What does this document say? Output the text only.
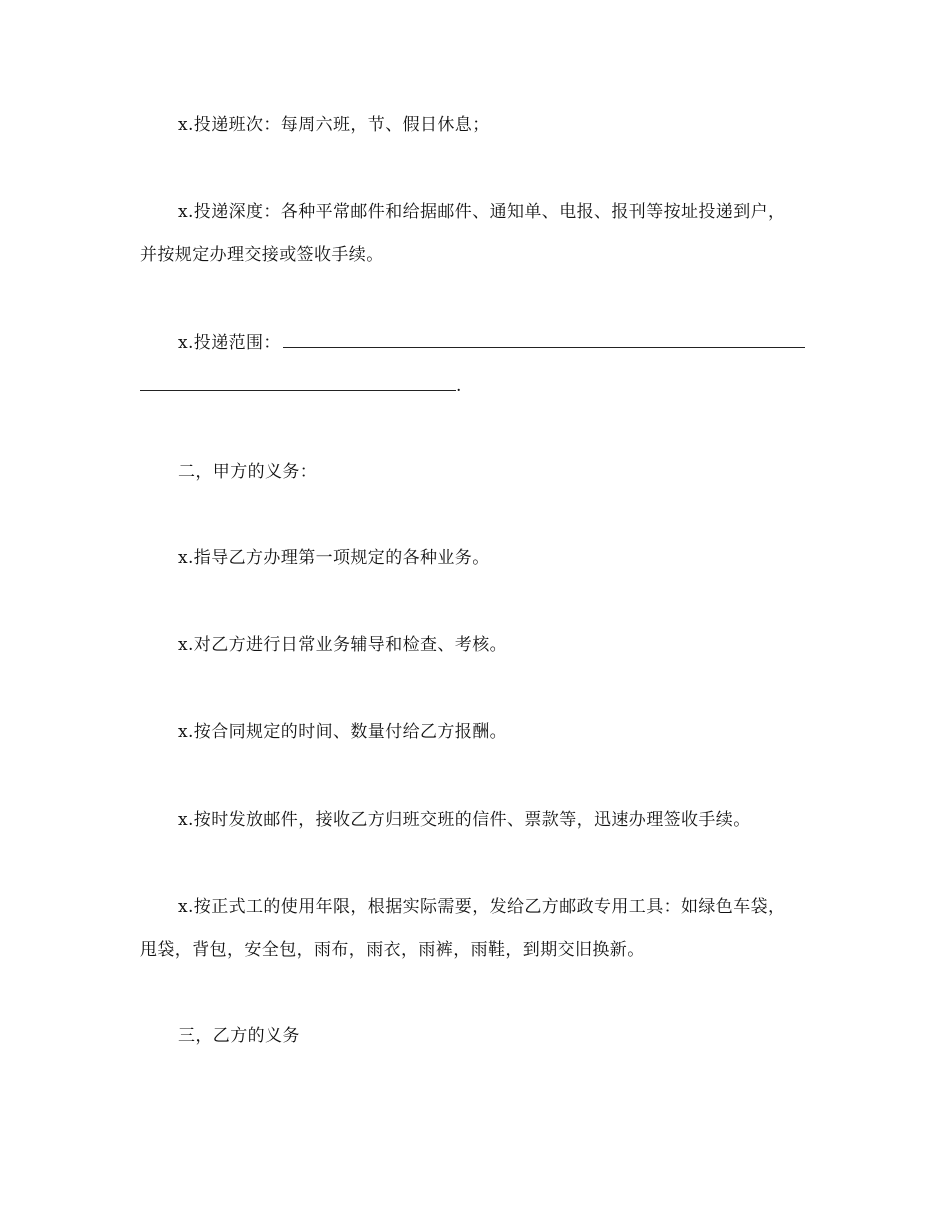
x.投递班次：每周六班，节、假日休息；
x.投递深度：各种平常邮件和给据邮件、通知单、电报、报刊等按址投递到户，
并按规定办理交接或签收手续。
x.投递范围：
.
二，甲方的义务：
x.指导乙方办理第一项规定的各种业务。
x.对乙方进行日常业务辅导和检查、考核。
x.按合同规定的时间、数量付给乙方报酬。
x.按时发放邮件，接收乙方归班交班的信件、票款等，迅速办理签收手续。
x.按正式工的使用年限，根据实际需要，发给乙方邮政专用工具：如绿色车袋，
甩袋，背包，安全包，雨布，雨衣，雨裤，雨鞋，到期交旧换新。
三，乙方的义务
